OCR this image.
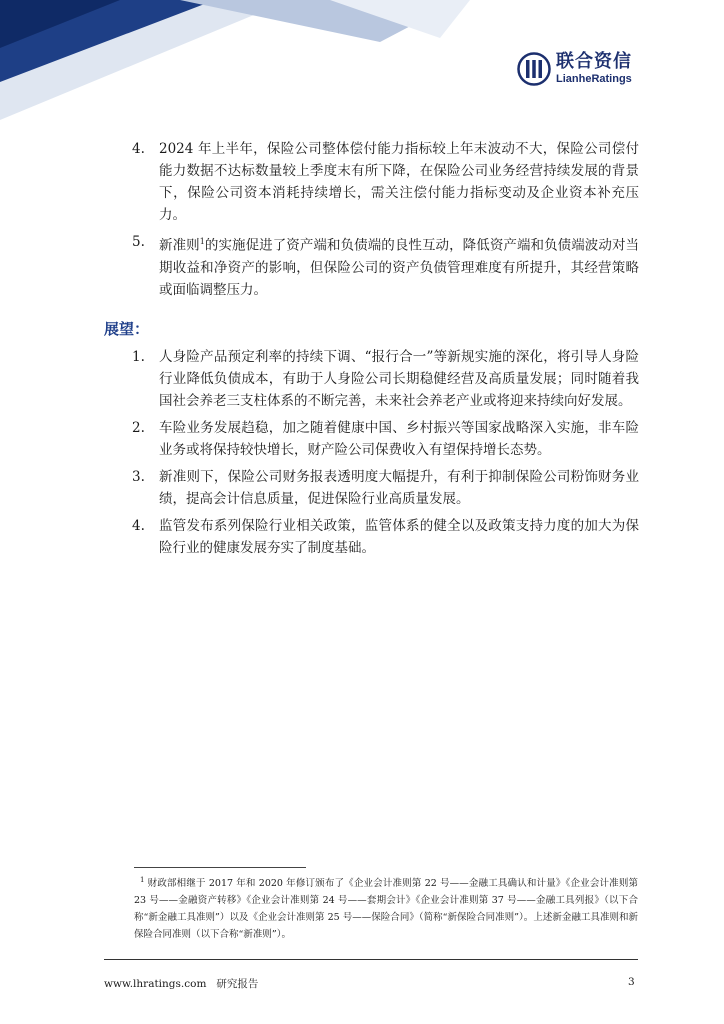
联合资信
LianheRatings
4. 2024 年上半年，保险公司整体偿付能力指标较上年末波动不大，保险公司偿付能力数据不达标数量较上季度末有所下降，在保险公司业务经营持续发展的背景下，保险公司资本消耗持续增长，需关注偿付能力指标变动及企业资本补充压力。
5. 新准则$^1$的实施促进了资产端和负债端的良性互动，降低资产端和负债端波动对当期收益和净资产的影响，但保险公司的资产负债管理难度有所提升，其经营策略或面临调整压力。
展望：
1. 人身险产品预定利率的持续下调、“报行合一”等新规实施的深化，将引导人身险行业降低负债成本，有助于人身险公司长期稳健经营及高质量发展；同时随着我国社会养老三支柱体系的不断完善，未来社会养老产业或将迎来持续向好发展。
2. 车险业务发展趋稳，加之随着健康中国、乡村振兴等国家战略深入实施，非车险业务或将保持较快增长，财产险公司保费收入有望保持增长态势。
3. 新准则下，保险公司财务报表透明度大幅提升，有利于抑制保险公司粉饰财务业绩，提高会计信息质量，促进保险行业高质量发展。
4. 监管发布系列保险行业相关政策，监管体系的健全以及政策支持力度的加大为保险行业的健康发展夯实了制度基础。
$^1$ 财政部相继于 2017 年和 2020 年修订颁布了《企业会计准则第 22 号——金融工具确认和计量》《企业会计准则第 23 号——金融资产转移》《企业会计准则第 24 号——套期会计》《企业会计准则第 37 号——金融工具列报》（以下合称“新金融工具准则”）以及《企业会计准则第 25 号——保险合同》（简称“新保险合同准则”）。上述新金融工具准则和新保险合同准则（以下合称“新准则”）。
www.lhratings.com 研究报告	3
